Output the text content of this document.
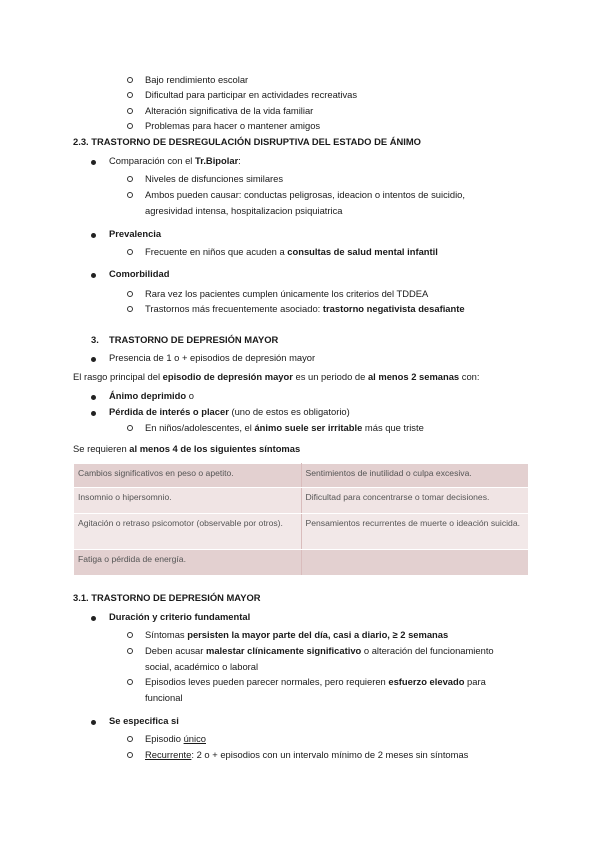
Bajo rendimiento escolar
Dificultad para participar en actividades recreativas
Alteración significativa de la vida familiar
Problemas para hacer o mantener amigos
2.3. TRASTORNO DE DESREGULACIÓN DISRUPTIVA DEL ESTADO DE ÁNIMO
Comparación con el Tr.Bipolar:
Niveles de disfunciones similares
Ambos pueden causar: conductas peligrosas, ideacion o intentos de suicidio,
agresividad intensa, hospitalizacion psiquiatrica
Prevalencia
Frecuente en niños que acuden a consultas de salud mental infantil
Comorbilidad
Rara vez los pacientes cumplen únicamente los criterios del TDDEA
Trastornos más frecuentemente asociado: trastorno negativista desafiante
3. TRASTORNO DE DEPRESIÓN MAYOR
Presencia de 1 o + episodios de depresión mayor
El rasgo principal del episodio de depresión mayor es un periodo de al menos 2 semanas con:
Ánimo deprimido o
Pérdida de interés o placer (uno de estos es obligatorio)
En niños/adolescentes, el ánimo suele ser irritable más que triste
Se requieren al menos 4 de los siguientes síntomas
Cambios significativos en peso o apetito.	Sentimientos de inutilidad o culpa excesiva.
Insomnio o hipersomnio.	Dificultad para concentrarse o tomar decisiones.
Agitación o retraso psicomotor (observable por otros).	Pensamientos recurrentes de muerte o ideación suicida.
Fatiga o pérdida de energía.	
3.1. TRASTORNO DE DEPRESIÓN MAYOR
Duración y criterio fundamental
Síntomas persisten la mayor parte del día, casi a diario, ≥ 2 semanas
Deben acusar malestar clínicamente significativo o alteración del funcionamiento
social, académico o laboral
Episodios leves pueden parecer normales, pero requieren esfuerzo elevado para
funcional
Se especifica si
Episodio único
Recurrente: 2 o + episodios con un intervalo mínimo de 2 meses sin síntomas
